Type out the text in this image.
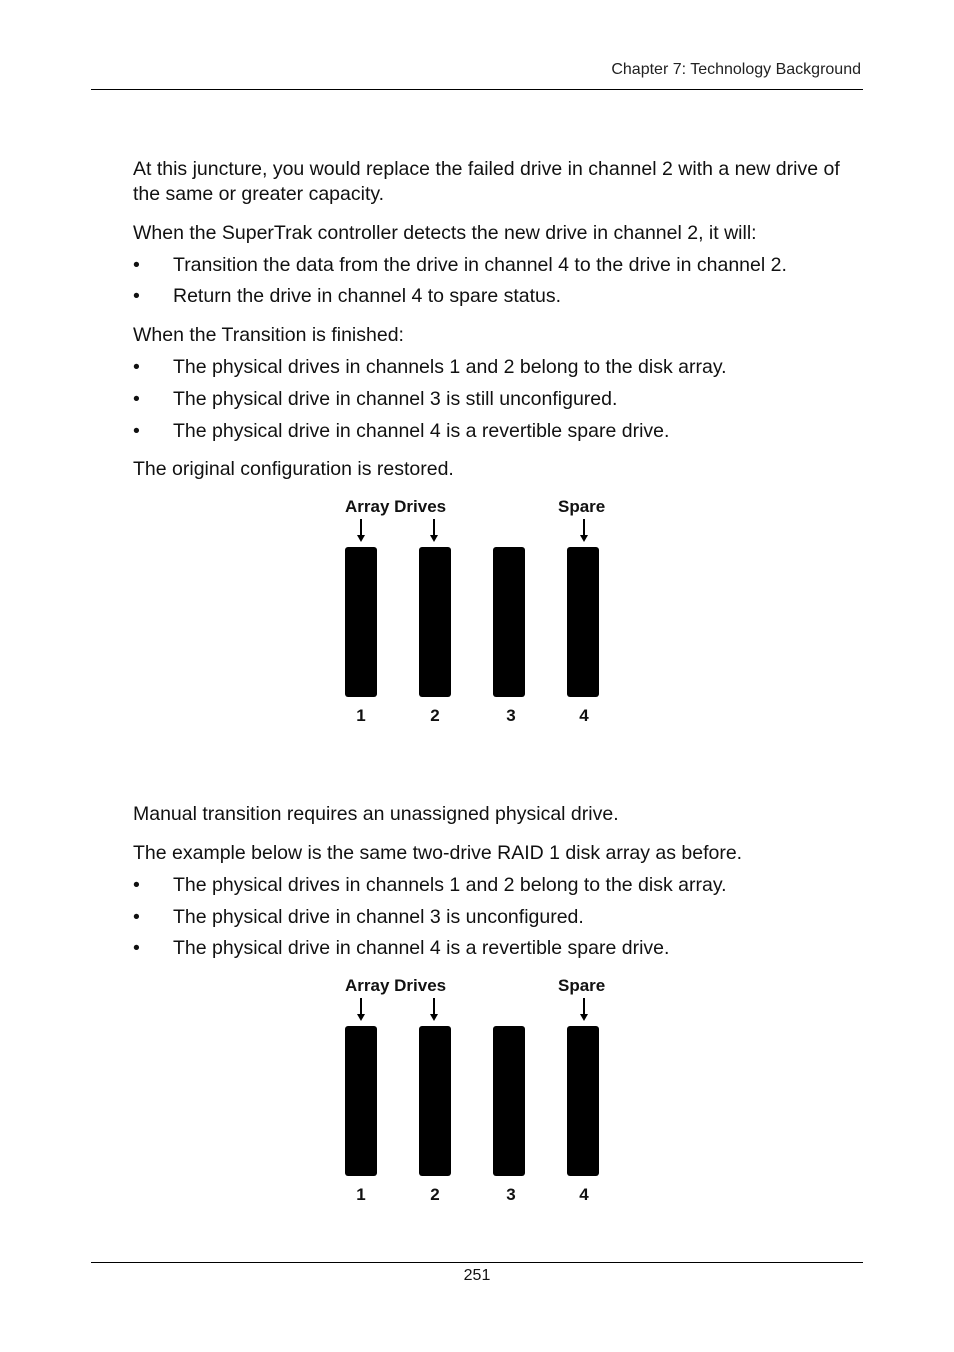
Chapter 7: Technology Background

At this juncture, you would replace the failed drive in channel 2 with a new drive of the same or greater capacity.

When the SuperTrak controller detects the new drive in channel 2, it will:

• Transition the data from the drive in channel 4 to the drive in channel 2.
• Return the drive in channel 4 to spare status.

When the Transition is finished:

• The physical drives in channels 1 and 2 belong to the disk array.
• The physical drive in channel 3 is still unconfigured.
• The physical drive in channel 4 is a revertible spare drive.

The original configuration is restored.

Array Drives	Spare
1	2	3	4

Manual transition requires an unassigned physical drive.

The example below is the same two-drive RAID 1 disk array as before.

• The physical drives in channels 1 and 2 belong to the disk array.
• The physical drive in channel 3 is unconfigured.
• The physical drive in channel 4 is a revertible spare drive.
Array Drives	Spare
1	2	3	4
251
